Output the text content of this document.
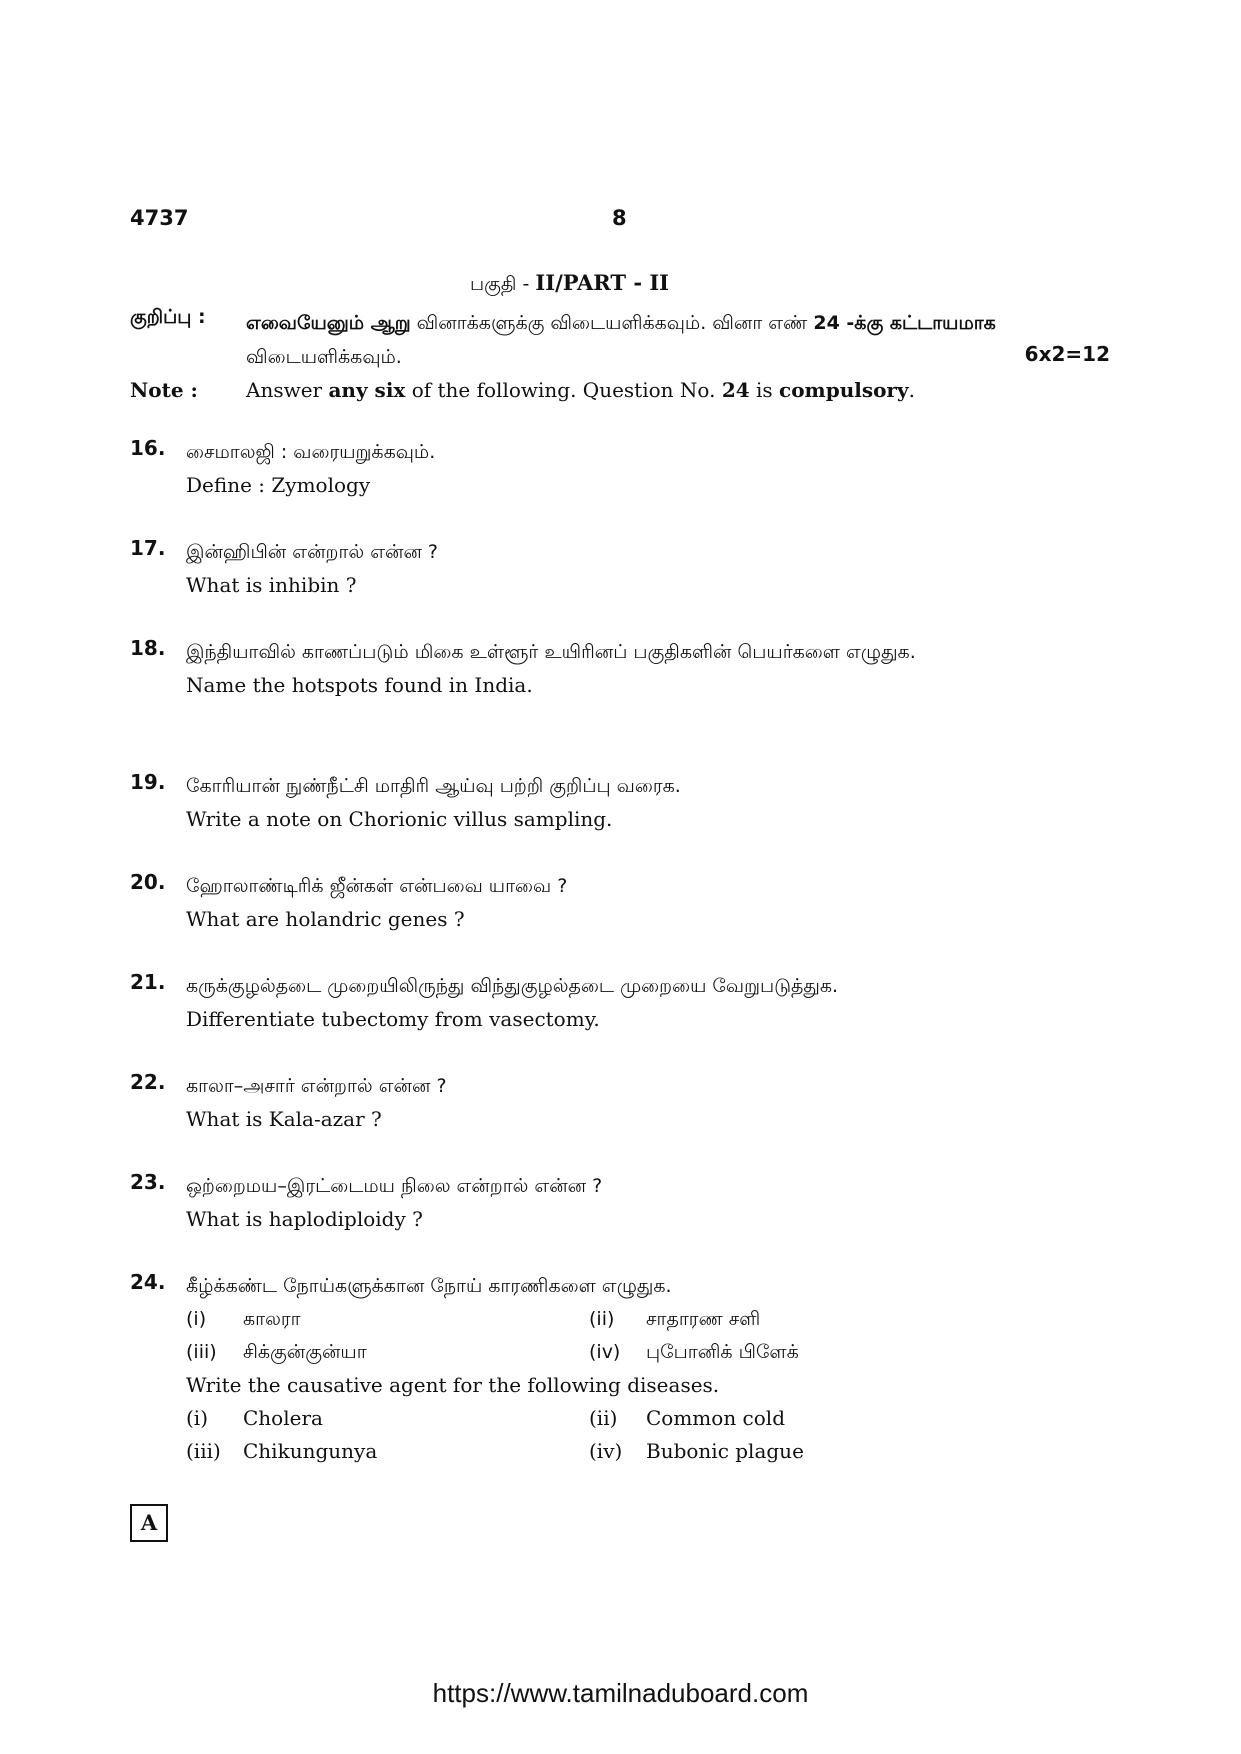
4737	8
பகுதி - II/PART - II
குறிப்பு :	எவையேனும் ஆறு வினாக்களுக்கு விடையளிக்கவும். வினா எண் 24 -க்கு கட்டாயமாக விடையளிக்கவும்.	6x2=12
Note :	Answer any six of the following. Question No. 24 is compulsory.
16.	சைமாலஜி : வரையறுக்கவும்.
Define : Zymology
17.	இன்ஹிபின் என்றால் என்ன ?
What is inhibin ?
18.	இந்தியாவில் காணப்படும் மிகை உள்ளூர் உயிரினப் பகுதிகளின் பெயர்களை எழுதுக.
Name the hotspots found in India.
19.	கோரியான் நுண்நீட்சி மாதிரி ஆய்வு பற்றி குறிப்பு வரைக.
Write a note on Chorionic villus sampling.
20.	ஹோலாண்டிரிக் ஜீன்கள் என்பவை யாவை ?
What are holandric genes ?
21.	கருக்குழல்தடை முறையிலிருந்து விந்துகுழல்தடை முறையை வேறுபடுத்துக.
Differentiate tubectomy from vasectomy.
22.	காலா–அசார் என்றால் என்ன ?
What is Kala-azar ?
23.	ஒற்றைமய–இரட்டைமய நிலை என்றால் என்ன ?
What is haplodiploidy ?
24.	கீழ்க்கண்ட நோய்களுக்கான நோய் காரணிகளை எழுதுக.
(i)	காலரா	(ii)	சாதாரண சளி
(iii)	சிக்குன்குன்யா	(iv)	புபோனிக் பிளேக்
Write the causative agent for the following diseases.
(i)	Cholera	(ii)	Common cold
(iii)	Chikungunya	(iv)	Bubonic plague
A
https://www.tamilnaduboard.com
